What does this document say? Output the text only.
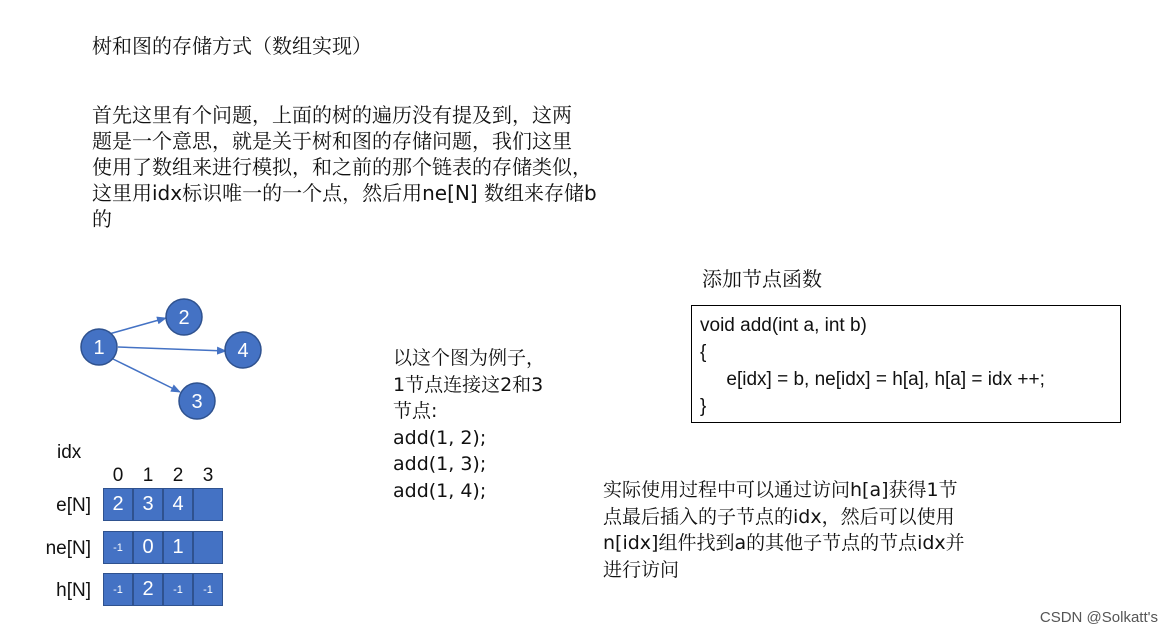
树和图的存储方式（数组实现）
首先这里有个问题，上面的树的遍历没有提及到，这两
题是一个意思，就是关于树和图的存储问题，我们这里
使用了数组来进行模拟，和之前的那个链表的存储类似，
这里用idx标识唯一的一个点，然后用ne[N] 数组来存储b
的
1
2
4
3
idx
0	1	2	3
e[N]	2 3 4
ne[N]	-1 0 1
h[N]	-1 2	-1	-1
以这个图为例子，
1节点连接这2和3
节点:
add(1, 2);
add(1, 3);
add(1, 4);
添加节点函数
void add(int a, int b)
{
e[idx] = b, ne[idx] = h[a], h[a] = idx ++;
}
实际使用过程中可以通过访问h[a]获得1节
点最后插入的子节点的idx，然后可以使用
n[idx]组件找到a的其他子节点的节点idx并
进行访问
CSDN @Solkatt's
